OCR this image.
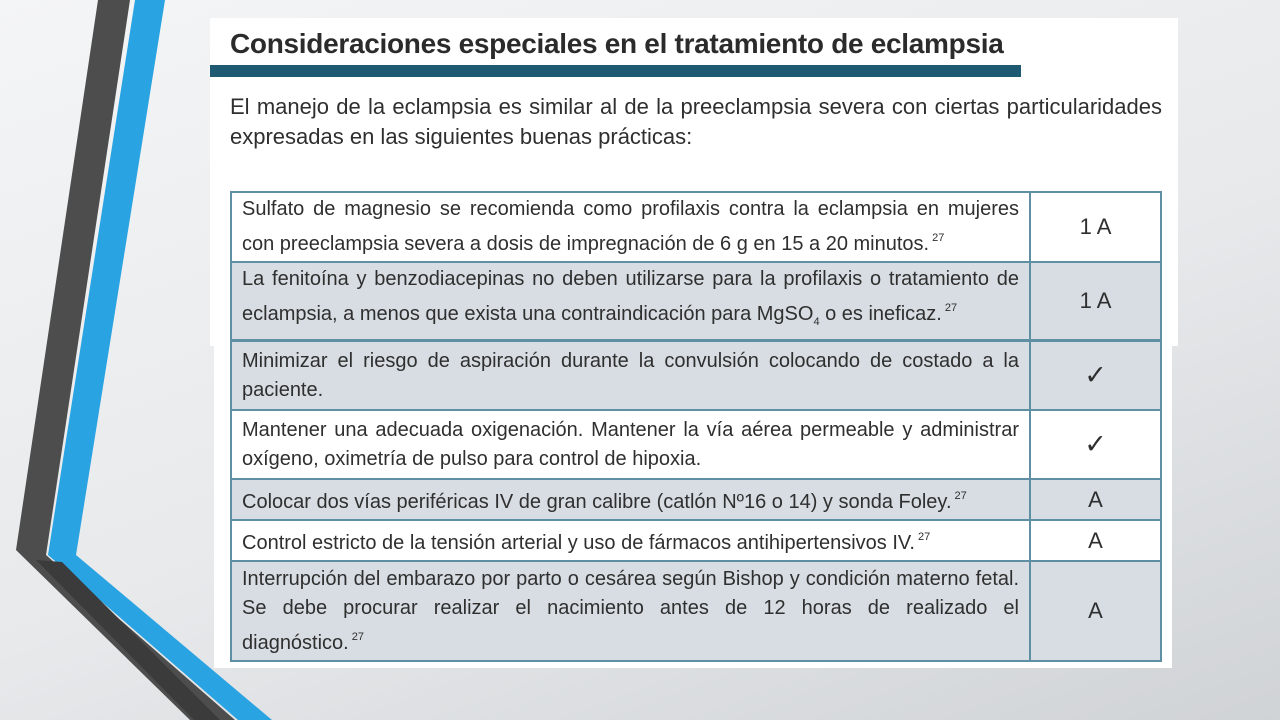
Consideraciones especiales en el tratamiento de eclampsia

El manejo de la eclampsia es similar al de la preeclampsia severa con ciertas particularidades expresadas en las siguientes buenas prácticas:

Sulfato de magnesio se recomienda como profilaxis contra la eclampsia en mujeres con preeclampsia severa a dosis de impregnación de 6 g en 15 a 20 minutos. $^{27}$	1 A
La fenitoína y benzodiacepinas no deben utilizarse para la profilaxis o tratamiento de eclampsia, a menos que exista una contraindicación para MgSO$_4$ o es ineficaz. $^{27}$	1 A
Minimizar el riesgo de aspiración durante la convulsión colocando de costado a la paciente.	✓
Mantener una adecuada oxigenación. Mantener la vía aérea permeable y administrar oxígeno, oximetría de pulso para control de hipoxia.	✓
Colocar dos vías periféricas IV de gran calibre (catlón Nº16 o 14) y sonda Foley. $^{27}$	A
Control estricto de la tensión arterial y uso de fármacos antihipertensivos IV. $^{27}$	A
Interrupción del embarazo por parto o cesárea según Bishop y condición materno fetal. Se debe procurar realizar el nacimiento antes de 12 horas de realizado el diagnóstico. $^{27}$	A
